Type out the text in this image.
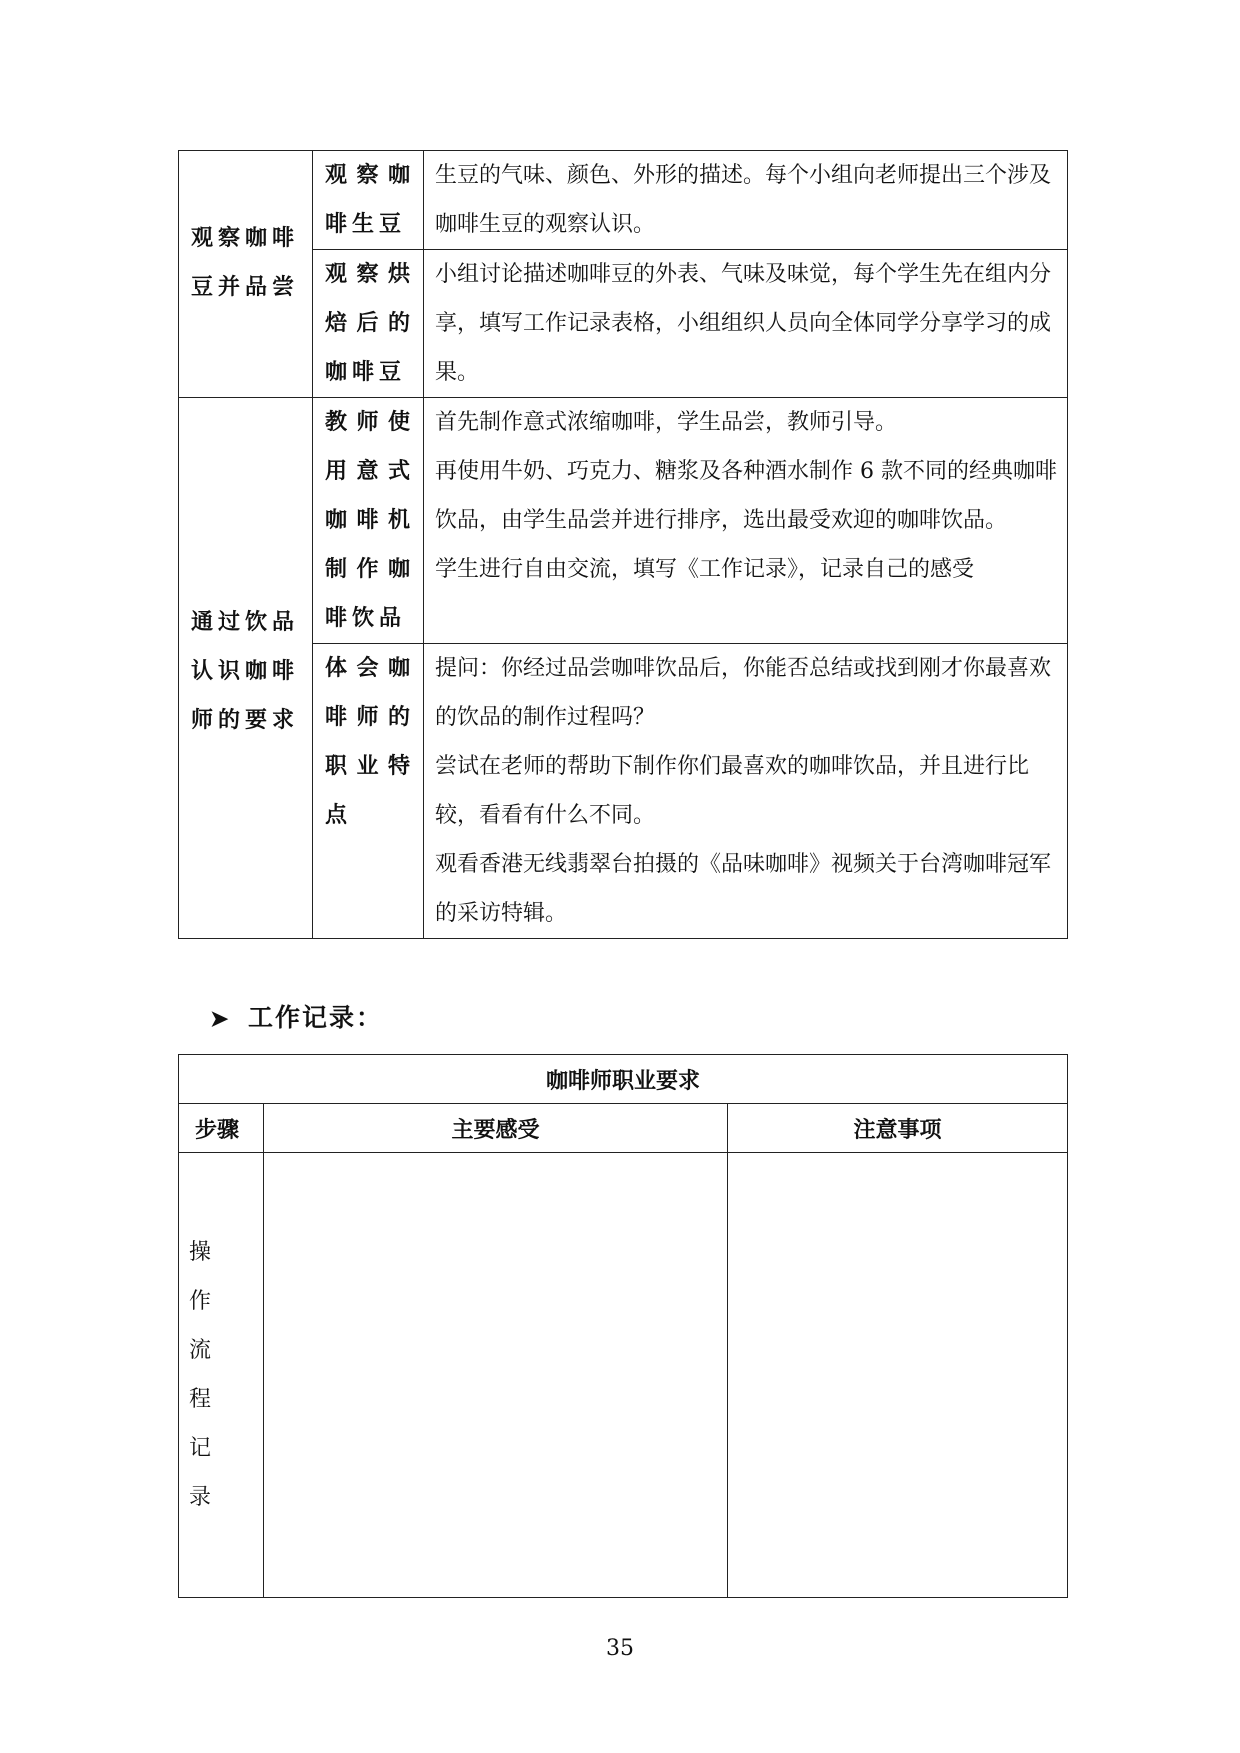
观察咖啡豆并品尝	观察咖啡生豆	生豆的气味、颜色、外形的描述。每个小组向老师提出三个涉及咖啡生豆的观察认识。

	观察烘焙后的咖啡豆	小组讨论描述咖啡豆的外表、气味及味觉，每个学生先在组内分享，填写工作记录表格，小组组织人员向全体同学分享学习的成果。

通过饮品认识咖啡师的要求	教师使用意式咖啡机制作咖啡饮品	首先制作意式浓缩咖啡，学生品尝，教师引导。

再使用牛奶、巧克力、糖浆及各种酒水制作 6 款不同的经典咖啡饮品，由学生品尝并进行排序，选出最受欢迎的咖啡饮品。

学生进行自由交流，填写《工作记录》，记录自己的感受

	体会咖啡师的职业特点	提问：你经过品尝咖啡饮品后，你能否总结或找到刚才你最喜欢的饮品的制作过程吗？

尝试在老师的帮助下制作你们最喜欢的咖啡饮品，并且进行比较，看看有什么不同。

观看香港无线翡翠台拍摄的《品味咖啡》视频关于台湾咖啡冠军的采访特辑。

➤ 工作记录：
咖啡师职业要求		
步骤	主要感受	注意事项

操作流程记录		

35
